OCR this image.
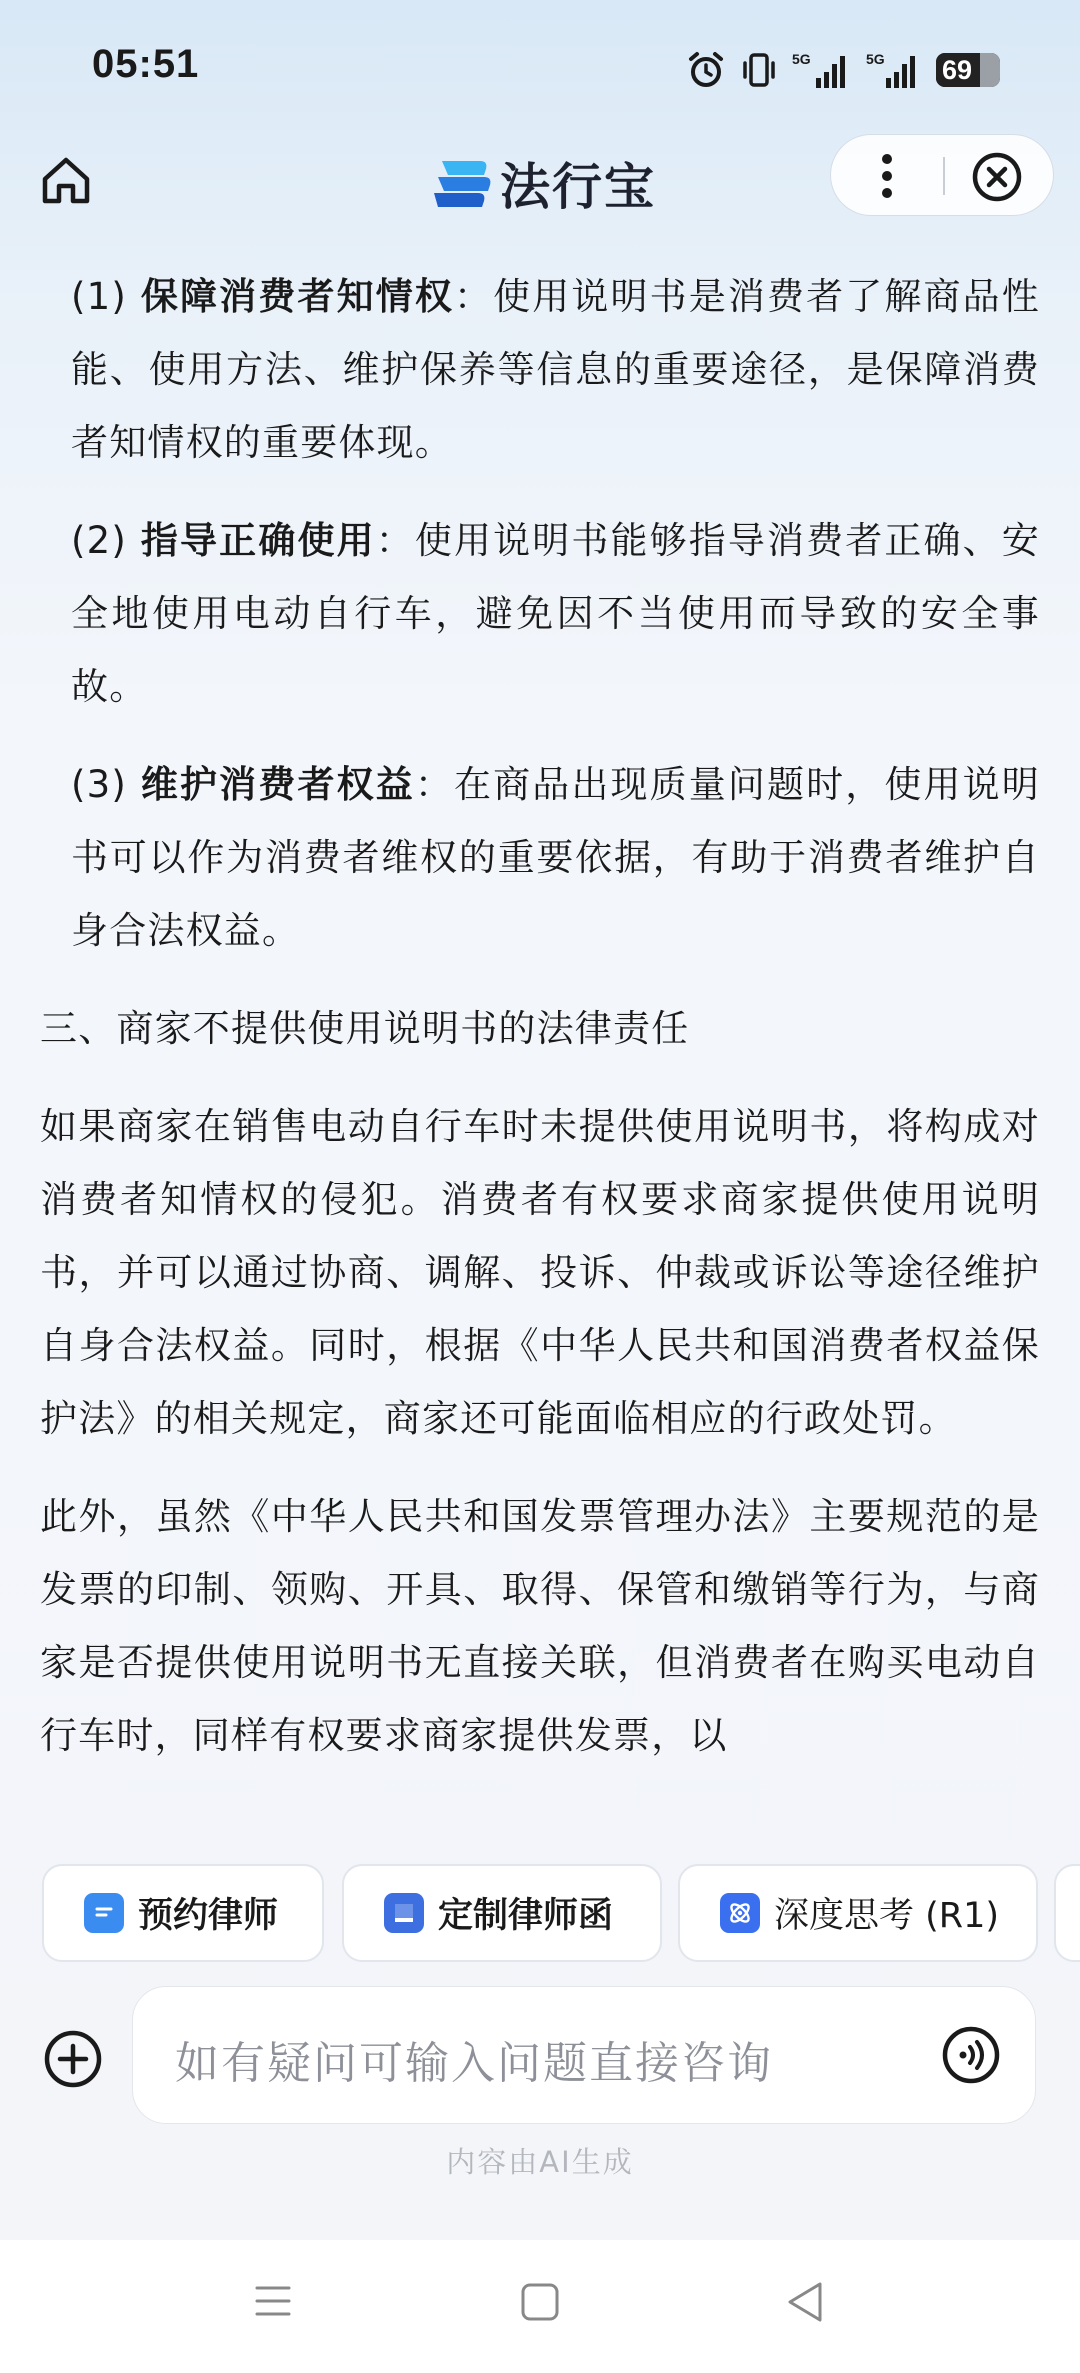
05:51	5G	5G 69
法行宝

(1) 保障消费者知情权：使用说明书是消费者了解商品性能、使用方法、维护保养等信息的重要途径，是保障消费者知情权的重要体现。

(2) 指导正确使用：使用说明书能够指导消费者正确、安全地使用电动自行车，避免因不当使用而导致的安全事故。

(3) 维护消费者权益：在商品出现质量问题时，使用说明书可以作为消费者维权的重要依据，有助于消费者维护自身合法权益。

三、商家不提供使用说明书的法律责任

如果商家在销售电动自行车时未提供使用说明书，将构成对消费者知情权的侵犯。消费者有权要求商家提供使用说明书，并可以通过协商、调解、投诉、仲裁或诉讼等途径维护自身合法权益。同时，根据《中华人民共和国消费者权益保护法》的相关规定，商家还可能面临相应的行政处罚。

此外，虽然《中华人民共和国发票管理办法》主要规范的是发票的印制、领购、开具、取得、保管和缴销等行为，与商家是否提供使用说明书无直接关联，但消费者在购买电动自行车时，同样有权要求商家提供发票，以

预约律师	定制律师函	深度思考 (R1)
如有疑问可输入问题直接咨询
内容由AI生成
